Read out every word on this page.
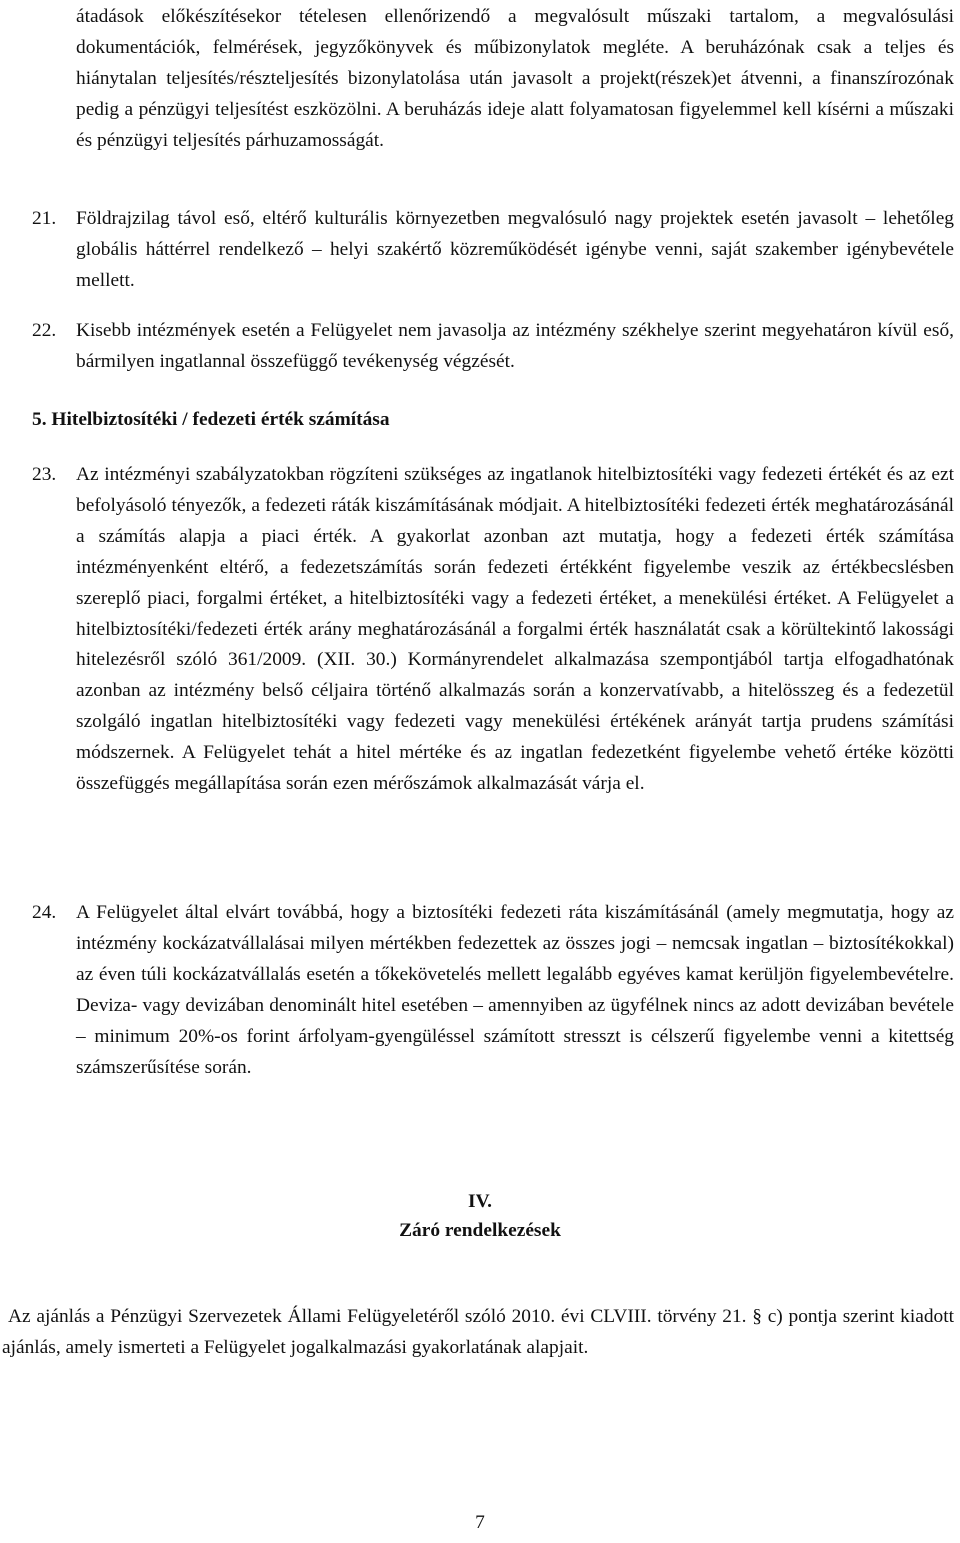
átadások előkészítésekor tételesen ellenőrizendő a megvalósult műszaki tartalom, a megvalósulási dokumentációk, felmérések, jegyzőkönyvek és műbizonylatok megléte. A beruházónak csak a teljes és hiánytalan teljesítés/részteljesítés bizonylatolása után javasolt a projekt(részek)et átvenni, a finanszírozónak pedig a pénzügyi teljesítést eszközölni. A beruházás ideje alatt folyamatosan figyelemmel kell kísérni a műszaki és pénzügyi teljesítés párhuzamosságát.

21.	Földrajzilag távol eső, eltérő kulturális környezetben megvalósuló nagy projektek esetén javasolt – lehetőleg globális háttérrel rendelkező – helyi szakértő közreműködését igénybe venni, saját szakember igénybevétele mellett.
22.	Kisebb intézmények esetén a Felügyelet nem javasolja az intézmény székhelye szerint megyehatáron kívül eső, bármilyen ingatlannal összefüggő tevékenység végzését.
5. Hitelbiztosítéki / fedezeti érték számítása
23.	Az intézményi szabályzatokban rögzíteni szükséges az ingatlanok hitelbiztosítéki vagy fedezeti értékét és az ezt befolyásoló tényezők, a fedezeti ráták kiszámításának módjait. A hitelbiztosítéki fedezeti érték meghatározásánál a számítás alapja a piaci érték. A gyakorlat azonban azt mutatja, hogy a fedezeti érték számítása intézményenként eltérő, a fedezetszámítás során fedezeti értékként figyelembe veszik az értékbecslésben szereplő piaci, forgalmi értéket, a hitelbiztosítéki vagy a fedezeti értéket, a menekülési értéket. A Felügyelet a hitelbiztosítéki/fedezeti érték arány meghatározásánál a forgalmi érték használatát csak a körültekintő lakossági hitelezésről szóló 361/2009. (XII. 30.) Kormányrendelet alkalmazása szempontjából tartja elfogadhatónak azonban az intézmény belső céljaira történő alkalmazás során a konzervatívabb, a hitelösszeg és a fedezetül szolgáló ingatlan hitelbiztosítéki vagy fedezeti vagy menekülési értékének arányát tartja prudens számítási módszernek. A Felügyelet tehát a hitel mértéke és az ingatlan fedezetként figyelembe vehető értéke közötti összefüggés megállapítása során ezen mérőszámok alkalmazását várja el.
24.	A Felügyelet által elvárt továbbá, hogy a biztosítéki fedezeti ráta kiszámításánál (amely megmutatja, hogy az intézmény kockázatvállalásai milyen mértékben fedezettek az összes jogi – nemcsak ingatlan – biztosítékokkal) az éven túli kockázatvállalás esetén a tőkekövetelés mellett legalább egyéves kamat kerüljön figyelembevételre. Deviza- vagy devizában denominált hitel esetében – amennyiben az ügyfélnek nincs az adott devizában bevétele – minimum 20%-os forint árfolyam-gyengüléssel számított stresszt is célszerű figyelembe venni a kitettség számszerűsítése során.

IV.

Záró rendelkezések

Az ajánlás a Pénzügyi Szervezetek Állami Felügyeletéről szóló 2010. évi CLVIII. törvény 21. § c) pontja szerint kiadott ajánlás, amely ismerteti a Felügyelet jogalkalmazási gyakorlatának alapjait.

7
